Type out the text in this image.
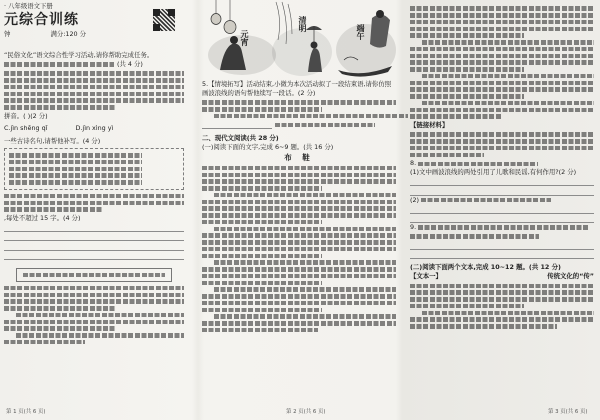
· 八年级语文下册
元综合训练
钟	满分:120 分
“民俗文化”语文综合性学习活动,请你帮助完成任务。
(共 4 分)
拼音。( )(2 分)
C.jìn shēng qǐ	D.jìn xìng yì
一些古诗名句,请帮他补写。(4 分)
,每处不超过 15 字。(4 分)
元宵
清明	端午
5.【情境拓写】活动结束,小微为本次活动拟了一段结束语,请你仿照画波浪线的语句帮他续写一段话。(2 分)
二、现代文阅读(共 28 分)
(一)阅读下面的文字,完成 6~9 题。(共 16 分)
布 鞋
【链接材料】
8.
(1)文中画波浪线的两处引用了儿歌和民谣,有何作用?(2 分)
(2)
9.
(二)阅读下面两个文本,完成 10~12 题。(共 12 分)
【文本一】	传统文化的“传”
第 1 页(共 6 页)	第 2 页(共 6 页)	第 3 页(共 6 页)
